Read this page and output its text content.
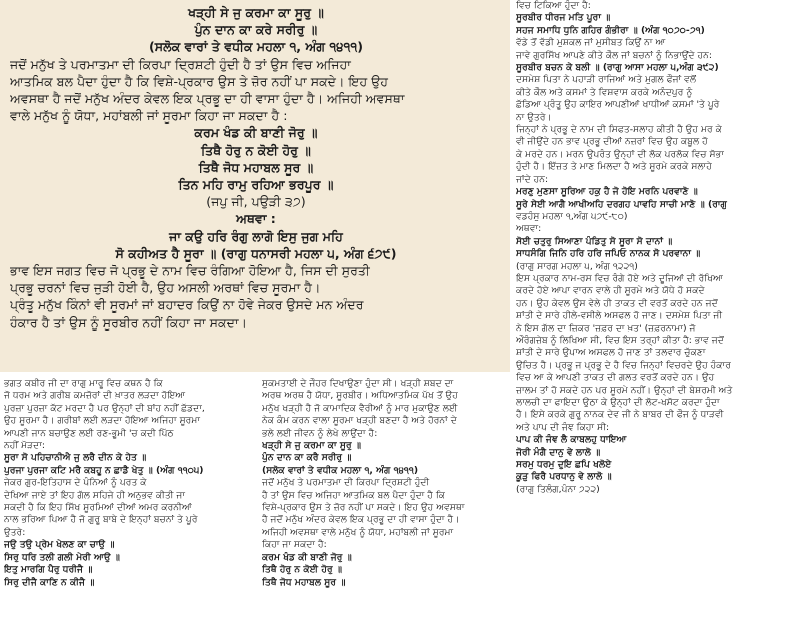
ਖੜ੍ਹੀ ਸੇ ਜੁ ਕਰਮਾ ਕਾ ਸੂਰੁ ॥
ਪੁੰਨ ਦਾਨ ਕਾ ਕਰੇ ਸਰੀਰੁ ॥
(ਸਲੋਕ ਵਾਰਾਂ ਤੇ ਵਧੀਕ ਮਹਲਾ ੧, ਅੰਗ ੧੪੧੧)
ਜਦੋਂ ਮਨੁੱਖ ਤੇ ਪਰਮਾਤਮਾ ਦੀ ਕਿਰਪਾ ਦ੍ਰਿਸ਼ਟੀ ਹੁੰਦੀ ਹੈ ਤਾਂ ਉਸ ਵਿਚ ਅਜਿਹਾ
ਆਤਮਿਕ ਬਲ ਪੈਦਾ ਹੁੰਦਾ ਹੈ ਕਿ ਵਿਸ਼ੇ-ਪ੍ਰਕਾਰ ਉਸ ਤੇ ਜ਼ੋਰ ਨਹੀਂ ਪਾ ਸਕਦੇ। ਇਹ ਉਹ
ਅਵਸਥਾ ਹੈ ਜਦੋਂ ਮਨੁੱਖ ਅੰਦਰ ਕੇਵਲ ਇਕ ਪ੍ਰਭੂ ਦਾ ਹੀ ਵਾਸਾ ਹੁੰਦਾ ਹੈ। ਅਜਿਹੀ ਅਵਸਥਾ
ਵਾਲੇ ਮਨੁੱਖ ਨੂੰ ਯੋਧਾ, ਮਹਾਂਬਲੀ ਜਾਂ ਸੂਰਮਾ ਕਿਹਾ ਜਾ ਸਕਦਾ ਹੈ :
ਕਰਮ ਖੰਡ ਕੀ ਬਾਣੀ ਜੋਰੁ ॥
ਤਿਥੈ ਹੋਰੁ ਨ ਕੋਈ ਹੋਰੁ ॥
ਤਿਥੈ ਜੋਧ ਮਹਾਬਲ ਸੂਰ ॥
ਤਿਨ ਮਹਿ ਰਾਮੁ ਰਹਿਆ ਭਰਪੂਰ ॥
(ਜਪੁ ਜੀ, ਪਉੜੀ ੩੭)
ਅਥਵਾ :
ਜਾ ਕਉ ਹਰਿ ਰੰਗੁ ਲਾਗੋ ਇਸੁ ਜੁਗ ਮਹਿ
ਸੋ ਕਹੀਅਤ ਹੈ ਸੂਰਾ ॥ (ਰਾਗੁ ਧਨਾਸਰੀ ਮਹਲਾ ੫, ਅੰਗ ੬੭੯)
ਭਾਵ ਇਸ ਜਗਤ ਵਿਚ ਜੋ ਪ੍ਰਭੂ ਦੇ ਨਾਮ ਵਿਚ ਰੰਗਿਆ ਹੋਇਆ ਹੈ, ਜਿਸ ਦੀ ਸੁਰਤੀ
ਪ੍ਰਭੂ ਚਰਨਾਂ ਵਿਚ ਜੁੜੀ ਹੋਈ ਹੈ, ਉਹ ਅਸਲੀ ਅਰਥਾਂ ਵਿਚ ਸੂਰਮਾ ਹੈ।
ਪ੍ਰੰਤੂ ਮਨੁੱਖ ਕਿੰਨਾਂ ਵੀ ਸੂਰਮਾਂ ਜਾਂ ਬਹਾਦਰ ਕਿਉਂ ਨਾ ਹੋਵੇ ਜੇਕਰ ਉਸਦੇ ਮਨ ਅੰਦਰ
ਹੰਕਾਰ ਹੈ ਤਾਂ ਉਸ ਨੂੰ ਸੂਰਬੀਰ ਨਹੀਂ ਕਿਹਾ ਜਾ ਸਕਦਾ।
ਵਿਚ ਟਿਕਿਆ ਹੁੰਦਾ ਹੈ:
ਸੂਰਬੀਰ ਧੀਰਜ ਮਤਿ ਪੂਰਾ ॥
ਸਹਜ ਸਮਾਧਿ ਧੁਨਿ ਗਹਿਰ ਗੰਭੀਰਾ ॥ (ਅੰਗ ੧੦੭੦-੭੧)
ਵੱਡੇ ਤੋਂ ਵੱਡੀ ਮੁਸ਼ਕਲ ਜਾਂ ਮੁਸੀਬਤ ਕਿਉਂ ਨਾ ਆ
ਜਾਵੇ ਗੁਰਸਿੱਖ ਆਪਣੇ ਕੀਤੇ ਕੌਲ ਜਾਂ ਬਚਨਾਂ ਨੂੰ ਨਿਭਾਉਂਦੇ ਹਨ:
ਸੂਰਬੀਰ ਬਚਨ ਕੇ ਬਲੀ ॥ (ਰਾਗੁ ਆਸਾ ਮਹਲਾ ੫,ਅੰਗ ੩੯੨)
ਦਸਮੇਸ਼ ਪਿਤਾ ਨੇ ਪਹਾੜੀ ਰਾਜਿਆਂ ਅਤੇ ਮੁਗਲ ਫੌਜਾਂ ਵਲੋਂ
ਕੀਤੇ ਕੌਲ ਅਤੇ ਕਸਮਾਂ ਤੇ ਵਿਸ਼ਵਾਸ ਕਰਕੇ ਅਨੰਦਪੁਰ ਨੂੰ
ਛੱਡਿਆ ਪ੍ਰੰਤੂ ਉਹ ਕਾਇਰ ਆਪਣੀਆਂ ਖਾਧੀਆਂ ਕਸਮਾਂ 'ਤੇ ਪੂਰੇ
ਨਾ ਉਤਰੇ।
ਜਿਨ੍ਹਾਂ ਨੇ ਪ੍ਰਭੂ ਦੇ ਨਾਮ ਦੀ ਸਿਫਤ-ਸਲਾਹ ਕੀਤੀ ਹੈ ਉਹ ਮਰ ਕੇ
ਵੀ ਜੀਉਂਦੇ ਹਨ ਭਾਵ ਪ੍ਰਭੂ ਦੀਆਂ ਨਜ਼ਰਾਂ ਵਿਚ ਉਹ ਕਬੂਲ ਹੋ
ਕੇ ਮਰਦੇ ਹਨ। ਮਰਨ ਉਪਰੰਤ ਉਨ੍ਹਾਂ ਦੀ ਲੋਕ ਪਰਲੋਕ ਵਿਚ ਸੋਭਾ
ਹੁੰਦੀ ਹੈ। ਇੱਜ਼ਤ ਤੇ ਮਾਣ ਮਿਲਦਾ ਹੈ ਅਤੇ ਸੂਰਮੇ ਕਰਕੇ ਸਲਾਹੇ
ਜਾਂਦੇ ਹਨ:
ਮਰਣੁ ਮੁਣਸਾ ਸੂਰਿਆ ਹਕੁ ਹੈ ਜੋ ਹੋਇ ਮਰਨਿ ਪਰਵਾਣੋ ॥
ਸੂਰੇ ਸੇਈ ਆਗੈ ਆਖੀਅਹਿ ਦਰਗਹ ਪਾਵਹਿ ਸਾਚੀ ਮਾਣੋ ॥ (ਰਾਗੁ
ਵਡਹੰਸੁ ਮਹਲਾ ੧,ਅੰਗ ੫੭੯-੮੦)
ਅਥਵਾ:
ਸੋਈ ਚਤੁਰੁ ਸਿਆਣਾ ਪੰਡਿਤੁ ਸੋ ਸੂਰਾ ਸੋ ਦਾਨਾਂ ॥
ਸਾਧਸੰਗਿ ਜਿਨਿ ਹਰਿ ਹਰਿ ਜਪਿਓ ਨਾਨਕ ਸੋ ਪਰਵਾਨਾ ॥
(ਰਾਗੁ ਸਾਰਗ ਮਹਲਾ ੫, ਅੰਗ ੧੨੨੧)
ਇਸ ਪ੍ਰਕਾਰ ਨਾਮ-ਰਸ ਵਿਚ ਰੰਗੇ ਹੋਏ ਅਤੇ ਦੂਜਿਆਂ ਦੀ ਰੱਖਿਆ
ਕਰਦੇ ਹੋਏ ਆਪਾ ਵਾਰਨ ਵਾਲੇ ਹੀ ਸੂਰਮੇ ਅਤੇ ਯੋਧੇ ਹੋ ਸਕਦੇ
ਹਨ। ਉਹ ਕੇਵਲ ਉਸ ਵੇਲੇ ਹੀ ਤਾਕਤ ਦੀ ਵਰਤੋਂ ਕਰਦੇ ਹਨ ਜਦੋਂ
ਸ਼ਾਂਤੀ ਦੇ ਸਾਰੇ ਹੀਲੇ-ਵਸੀਲੇ ਅਸਫਲ ਹੋ ਜਾਣ। ਦਸਮੇਸ਼ ਪਿਤਾ ਜੀ
ਨੇ ਇਸ ਗੱਲ ਦਾ ਜ਼ਿਕਰ 'ਜ਼ਫ਼ਰ ਦਾ ਖ਼ਤ' (ਜ਼ਫ਼ਰਨਾਮਾ) ਜੋ
ਔਰੰਗਜ਼ੇਬ ਨੂੰ ਲਿਖਿਆ ਸੀ, ਵਿਚ ਇਸ ਤਰ੍ਹਾਂ ਕੀਤਾ ਹੈ: ਭਾਵ ਜਦੋਂ
ਸ਼ਾਂਤੀ ਦੇ ਸਾਰੇ ਉਪਾਅ ਅਸਫਲ ਹੋ ਜਾਣ ਤਾਂ ਤਲਵਾਰ ਚੁੱਕਣਾ
ਉਚਿਤ ਹੈ। ਪ੍ਰਭੂ ਜ ਪ੍ਰਭੂ ਦੇ ਹੈ ਵਿਚ ਜਿਨ੍ਹਾਂ ਵਿਚਰਦੇ ਉਹ ਹੰਕਾਰ
ਵਿਚ ਆ ਕੇ ਆਪਣੀ ਤਾਕਤ ਦੀ ਗਲਤ ਵਰਤੋਂ ਕਰਦੇ ਹਨ। ਉਹ
ਜ਼ਾਲਮ ਤਾਂ ਹੋ ਸਕਦੇ ਹਨ ਪਰ ਸੂਰਮੇ ਨਹੀਂ। ਉਨ੍ਹਾਂ ਦੀ ਬੇਸ਼ਰਮੀ ਅਤੇ
ਲਾਲਚੀ ਦਾ ਫਾਇਦਾ ਉਠਾ ਕੇ ਉਨ੍ਹਾਂ ਦੀ ਲੋਟ-ਖਸੋਟ ਕਰਦਾ ਹੁੰਦਾ
ਹੈ। ਇਸੇ ਕਰਕੇ ਗੁਰੂ ਨਾਨਕ ਦੇਵ ਜੀ ਨੇ ਬਾਬਰ ਦੀ ਫੌਜ ਨੂੰ ਧਾੜਵੀ
ਅਤੇ ਪਾਪ ਦੀ ਜੰਞ ਕਿਹਾ ਸੀ:
ਪਾਪ ਕੀ ਜੰਞ ਲੈ ਕਾਬਲਹੁ ਧਾਇਆ
ਜੋਰੀ ਮੰਗੈ ਦਾਨੁ ਵੇ ਲਾਲੋ ॥
ਸਰਮੁ ਧਰਮੁ ਦੁਇ ਛਪਿ ਖਲੋਏ
ਕੂੜੁ ਫਿਰੈ ਪਰਧਾਨੁ ਵੇ ਲਾਲੋ ॥
(ਰਾਗੁ ਤਿਲੰਗ,ਪੰਨਾ ੭੨੨)
ਭਗਤ ਕਬੀਰ ਜੀ ਦਾ ਰਾਗੁ ਮਾਰੂ ਵਿਚ ਕਥਨ ਹੈ ਕਿ
ਜੋ ਧਰਮ ਅਤੇ ਗਰੀਬ ਕਮਜ਼ੋਰਾਂ ਦੀ ਖ਼ਾਤਰ ਲੜਦਾ ਹੋਇਆ
ਪੁਰਜ਼ਾ ਪੁਰਜ਼ਾ ਕੱਟ ਮਰਦਾ ਹੈ ਪਰ ਉਨ੍ਹਾਂ ਦੀ ਬਾਂਹ ਨਹੀਂ ਛੱਡਦਾ,
ਉਹ ਸੂਰਮਾ ਹੈ। ਗਰੀਬਾਂ ਲਈ ਲੜਦਾ ਹੋਇਆ ਅਜਿਹਾ ਸੂਰਮਾ
ਆਪਣੀ ਜਾਨ ਬਚਾਉਣ ਲਈ ਰਣ-ਭੂਮੀ 'ਚ ਕਦੀ ਪਿੱਠ
ਨਹੀਂ ਮੋੜਦਾ:
ਸੂਰਾ ਸੋ ਪਹਿਚਾਨੀਐ ਜੁ ਲਰੈ ਦੀਨ ਕੇ ਹੇਤ ॥
ਪੁਰਜਾ ਪੁਰਜਾ ਕਟਿ ਮਰੈ ਕਬਹੂ ਨ ਛਾਡੈ ਖੇਤੁ ॥ (ਅੰਗ ੧੧੦੫)
ਜੇਕਰ ਗੁਰ-ਇਤਿਹਾਸ ਦੇ ਪੰਨਿਆਂ ਨੂੰ ਪਰਤ ਕੇ
ਦੇਖਿਆ ਜਾਏ ਤਾਂ ਇਹ ਗੱਲ ਸਹਿਜੇ ਹੀ ਅਨੁਭਵ ਕੀਤੀ ਜਾ
ਸਕਦੀ ਹੈ ਕਿ ਇਹ ਸਿੱਖ ਸੂਰਮਿਆਂ ਦੀਆਂ ਅਮਰ ਕਰਨੀਆਂ
ਨਾਲ ਭਰਿਆ ਪਿਆ ਹੈ ਜੋ ਗੁਰੂ ਬਾਬੇ ਦੇ ਇਨ੍ਹਾਂ ਬਚਨਾਂ ਤੇ ਪੂਰੇ
ਉਤਰੇ:
ਜਉ ਤਉ ਪ੍ਰੇਮ ਖੇਲਣ ਕਾ ਚਾਉ ॥
ਸਿਰੁ ਧਰਿ ਤਲੀ ਗਲੀ ਮੇਰੀ ਆਉ ॥
ਇਤੁ ਮਾਰਗਿ ਪੈਰੁ ਧਰੀਜੈ ॥
ਸਿਰੁ ਦੀਜੈ ਕਾਣਿ ਨ ਕੀਜੈ ॥
ਸੁਕਮਤਾਈ ਦੇ ਜੌਹਰ ਦਿਖਾਉਣਾ ਹੁੰਦਾ ਸੀ। ਖੜ੍ਹੀ ਸ਼ਬਦ ਦਾ
ਅਰਥ ਅਰਥ ਹੈ ਯੋਧਾ, ਸੂਰਬੀਰ। ਅਧਿਆਤਮਿਕ ਪੱਖ ਤੋਂ ਉਹ
ਮਨੁੱਖ ਖੜ੍ਹੀ ਹੈ ਜੋ ਕਾਮਾਦਿਕ ਵੈਰੀਆਂ ਨੂੰ ਮਾਰ ਮੁਕਾਉਣ ਲਈ
ਨੇਕ ਕੰਮ ਕਰਨ ਵਾਲਾ ਸੂਰਮਾ ਖੜ੍ਹੀ ਬਣਦਾ ਹੈ ਅਤੇ ਹੋਰਨਾਂ ਦੇ
ਭਲੇ ਲਈ ਜੀਵਨ ਨੂੰ ਲੇਖੇ ਲਾਉਂਦਾ ਹੈ:
ਖੜ੍ਹੀ ਸੇ ਜੁ ਕਰਮਾ ਕਾ ਸੂਰੁ ॥
ਪੁੰਨ ਦਾਨ ਕਾ ਕਰੈ ਸਰੀਰੁ ॥
(ਸਲੋਕ ਵਾਰਾਂ ਤੇ ਵਧੀਕ ਮਹਲਾ ੧, ਅੰਗ ੧੪੧੧)
ਜਦੋਂ ਮਨੁੱਖ ਤੇ ਪਰਮਾਤਮਾ ਦੀ ਕਿਰਪਾ ਦ੍ਰਿਸ਼ਟੀ ਹੁੰਦੀ
ਹੈ ਤਾਂ ਉਸ ਵਿਚ ਅਜਿਹਾ ਆਤਮਿਕ ਬਲ ਪੈਦਾ ਹੁੰਦਾ ਹੈ ਕਿ
ਵਿਸ਼ੇ-ਪ੍ਰਕਾਰ ਉਸ ਤੇ ਜ਼ੋਰ ਨਹੀਂ ਪਾ ਸਕਦੇ। ਇਹ ਉਹ ਅਵਸਥਾ
ਹੈ ਜਦੋਂ ਮਨੁੱਖ ਅੰਦਰ ਕੇਵਲ ਇਕ ਪ੍ਰਭੂ ਦਾ ਹੀ ਵਾਸਾ ਹੁੰਦਾ ਹੈ।
ਅਜਿਹੀ ਅਵਸਥਾ ਵਾਲੇ ਮਨੁੱਖ ਨੂੰ ਯੋਧਾ, ਮਹਾਂਬਲੀ ਜਾਂ ਸੂਰਮਾ
ਕਿਹਾ ਜਾ ਸਕਦਾ ਹੈ:
ਕਰਮ ਖੰਡ ਕੀ ਬਾਣੀ ਜੋਰੁ ॥
ਤਿਥੈ ਹੋਰੁ ਨ ਕੋਈ ਹੋਰੁ ॥
ਤਿਥੈ ਜੋਧ ਮਹਾਬਲ ਸੂਰ ॥
